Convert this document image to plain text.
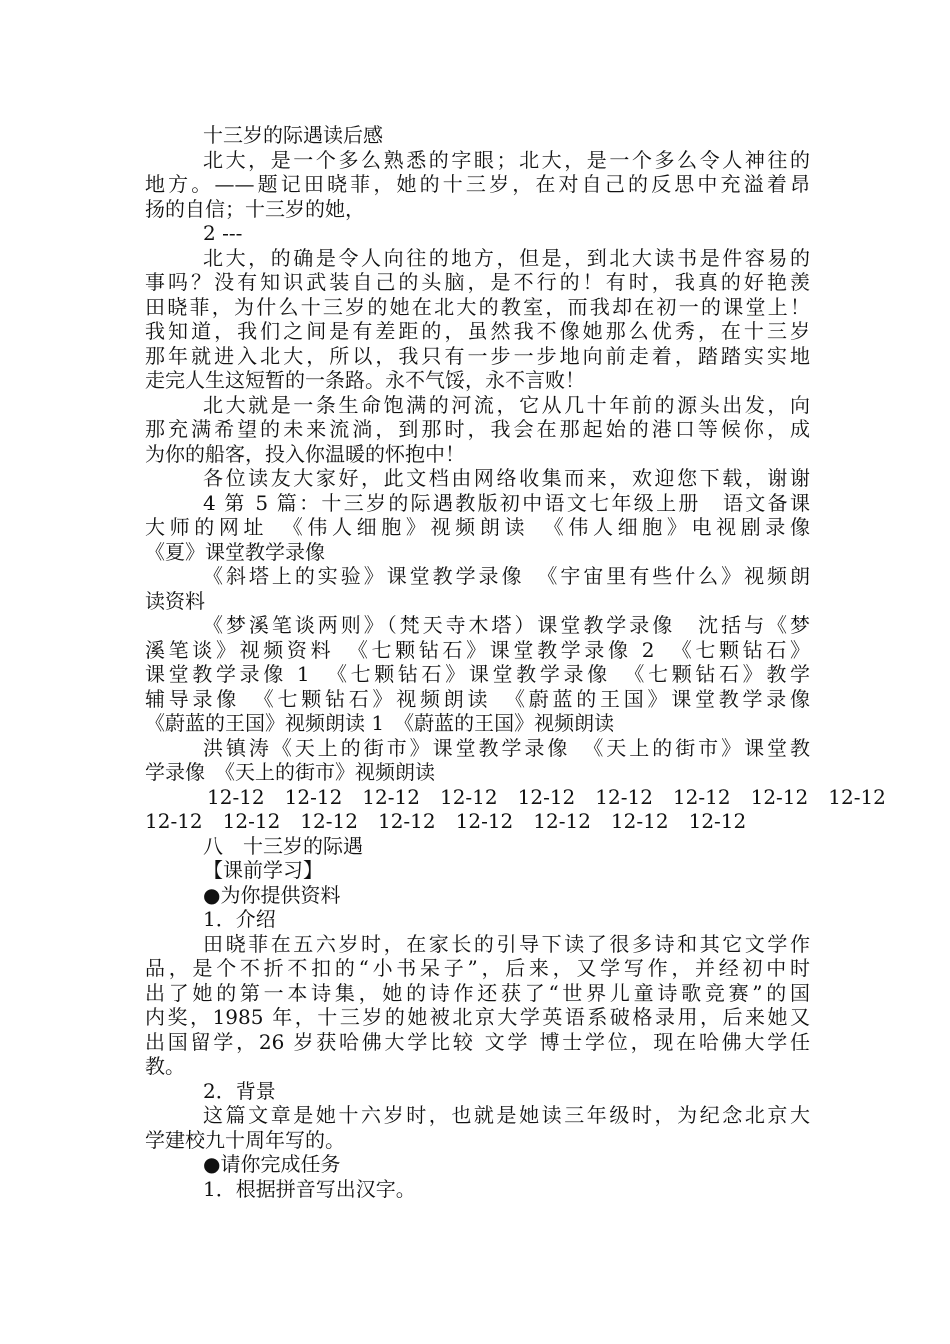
十三岁的际遇读后感
北大，是一个多么熟悉的字眼；北大，是一个多么令人神往的
地方。——题记田晓菲，她的十三岁，在对自己的反思中充溢着昂
扬的自信；十三岁的她，
2 ---
北大，的确是令人向往的地方，但是，到北大读书是件容易的
事吗？没有知识武装自己的头脑，是不行的！有时，我真的好艳羡
田晓菲，为什么十三岁的她在北大的教室，而我却在初一的课堂上！
我知道，我们之间是有差距的，虽然我不像她那么优秀，在十三岁
那年就进入北大，所以，我只有一步一步地向前走着，踏踏实实地
走完人生这短暂的一条路。永不气馁，永不言败！
北大就是一条生命饱满的河流，它从几十年前的源头出发，向
那充满希望的未来流淌，到那时，我会在那起始的港口等候你，成
为你的船客，投入你温暖的怀抱中！
各位读友大家好，此文档由网络收集而来，欢迎您下载，谢谢
4 第 5 篇：十三岁的际遇教版初中语文七年级上册　语文备课
大师的网址　《伟人细胞》视频朗读　《伟人细胞》电视剧录像
《夏》课堂教学录像
《斜塔上的实验》课堂教学录像　《宇宙里有些什么》视频朗
读资料
《梦溪笔谈两则》（梵天寺木塔）课堂教学录像　沈括与《梦
溪笔谈》视频资料　《七颗钻石》课堂教学录像 2　《七颗钻石》
课堂教学录像 1　《七颗钻石》课堂教学录像　《七颗钻石》教学
辅导录像　《七颗钻石》视频朗读　《蔚蓝的王国》课堂教学录像
《蔚蓝的王国》视频朗读 1　《蔚蓝的王国》视频朗读
洪镇涛《天上的街市》课堂教学录像　《天上的街市》课堂教
学录像　《天上的街市》视频朗读
12-12　12-12　12-12　12-12　12-12　12-12　12-12　12-12　12-12
12-12　12-12　12-12　12-12　12-12　12-12　12-12　12-12
八　十三岁的际遇
【课前学习】
●为你提供资料
1．介绍
田晓菲在五六岁时，在家长的引导下读了很多诗和其它文学作
品，是个不折不扣的“小书呆子”，后来，又学写作，并经初中时
出了她的第一本诗集，她的诗作还获了“世界儿童诗歌竞赛”的国
内奖，1985 年，十三岁的她被北京大学英语系破格录用，后来她又
出国留学，26 岁获哈佛大学比较 文学 博士学位，现在哈佛大学任
教。
2．背景
这篇文章是她十六岁时，也就是她读三年级时，为纪念北京大
学建校九十周年写的。
●请你完成任务
1．根据拼音写出汉字。
